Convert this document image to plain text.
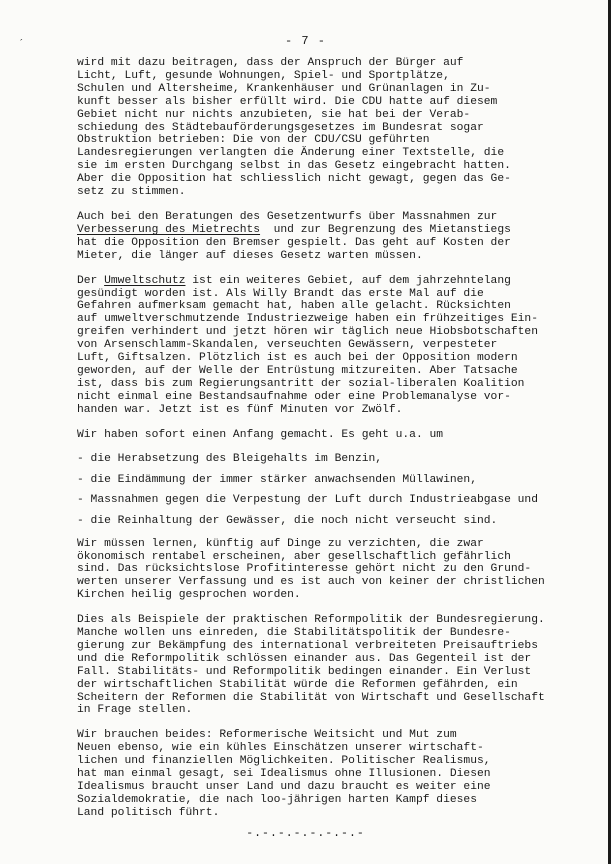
´	- 7 -

wird mit dazu beitragen, dass der Anspruch der Bürger auf
Licht, Luft, gesunde Wohnungen, Spiel- und Sportplätze,
Schulen und Altersheime, Krankenhäuser und Grünanlagen in Zu-
kunft besser als bisher erfüllt wird. Die CDU hatte auf diesem
Gebiet nicht nur nichts anzubieten, sie hat bei der Verab-
schiedung des Städtebauförderungsgesetzes im Bundesrat sogar
Obstruktion betrieben: Die von der CDU/CSU geführten
Landesregierungen verlangten die Änderung einer Textstelle, die
sie im ersten Durchgang selbst in das Gesetz eingebracht hatten.
Aber die Opposition hat schliesslich nicht gewagt, gegen das Ge-
setz zu stimmen.

Auch bei den Beratungen des Gesetzentwurfs über Massnahmen zur
Verbesserung des Mietrechts  und zur Begrenzung des Mietanstiegs
hat die Opposition den Bremser gespielt. Das geht auf Kosten der
Mieter, die länger auf dieses Gesetz warten müssen.

Der Umweltschutz ist ein weiteres Gebiet, auf dem jahrzehntelang
gesündigt worden ist. Als Willy Brandt das erste Mal auf die
Gefahren aufmerksam gemacht hat, haben alle gelacht. Rücksichten
auf umweltverschmutzende Industriezweige haben ein frühzeitiges Ein-
greifen verhindert und jetzt hören wir täglich neue Hiobsbotschaften
von Arsenschlamm-Skandalen, verseuchten Gewässern, verpesteter
Luft, Giftsalzen. Plötzlich ist es auch bei der Opposition modern
geworden, auf der Welle der Entrüstung mitzureiten. Aber Tatsache
ist, dass bis zum Regierungsantritt der sozial-liberalen Koalition
nicht einmal eine Bestandsaufnahme oder eine Problemanalyse vor-
handen war. Jetzt ist es fünf Minuten vor Zwölf.

Wir haben sofort einen Anfang gemacht. Es geht u.a. um

- die Herabsetzung des Bleigehalts im Benzin,
- die Eindämmung der immer stärker anwachsenden Müllawinen,
- Massnahmen gegen die Verpestung der Luft durch Industrieabgase und
- die Reinhaltung der Gewässer, die noch nicht verseucht sind.

Wir müssen lernen, künftig auf Dinge zu verzichten, die zwar
ökonomisch rentabel erscheinen, aber gesellschaftlich gefährlich
sind. Das rücksichtslose Profitinteresse gehört nicht zu den Grund-
werten unserer Verfassung und es ist auch von keiner der christlichen
Kirchen heilig gesprochen worden.

Dies als Beispiele der praktischen Reformpolitik der Bundesregierung.
Manche wollen uns einreden, die Stabilitätspolitik der Bundesre-
gierung zur Bekämpfung des international verbreiteten Preisauftriebs
und die Reformpolitik schlössen einander aus. Das Gegenteil ist der
Fall. Stabilitäts- und Reformpolitik bedingen einander. Ein Verlust
der wirtschaftlichen Stabilität würde die Reformen gefährden, ein
Scheitern der Reformen die Stabilität von Wirtschaft und Gesellschaft
in Frage stellen.

Wir brauchen beides: Reformerische Weitsicht und Mut zum
Neuen ebenso, wie ein kühles Einschätzen unserer wirtschaft-
lichen und finanziellen Möglichkeiten. Politischer Realismus,
hat man einmal gesagt, sei Idealismus ohne Illusionen. Diesen
Idealismus braucht unser Land und dazu braucht es weiter eine
Sozialdemokratie, die nach loo-jährigen harten Kampf dieses
Land politisch führt.

-.-.-.-.-.-.-.-
